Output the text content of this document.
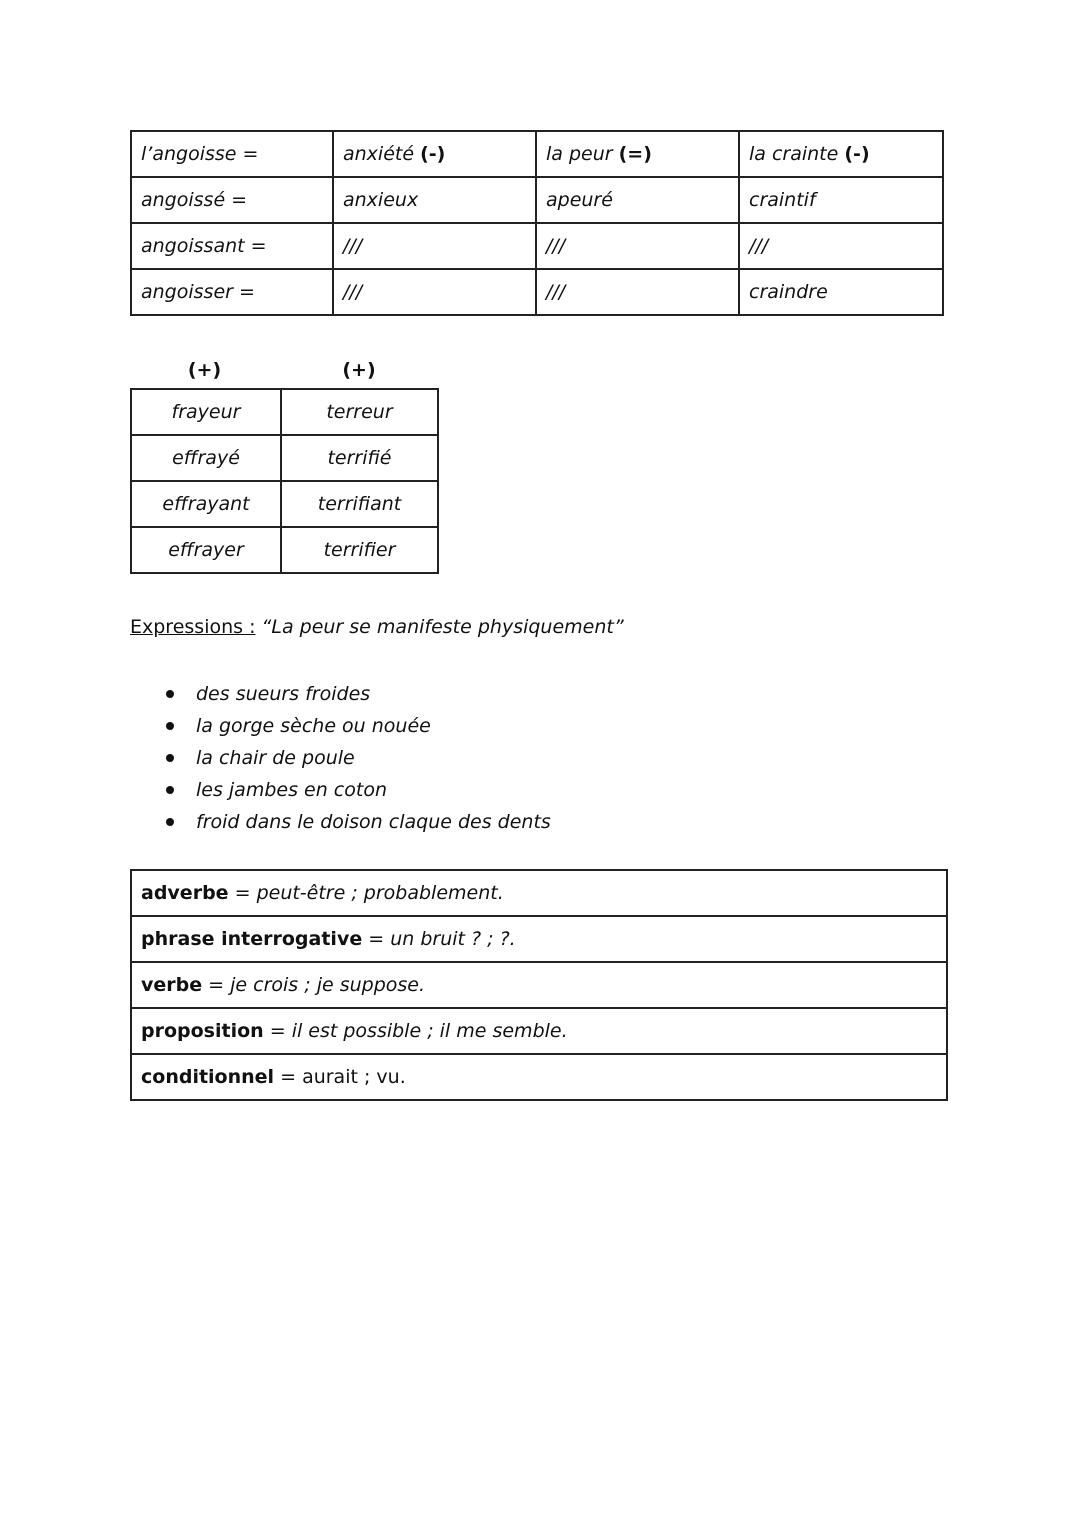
l’angoisse =	anxiété (-)	la peur (=)	la crainte (-)
angoissé =	anxieux	apeuré	craintif
angoissant =	///	///	///
angoisser =	///	///	craindre
(+)	(+)
frayeur	terreur
effrayé	terrifié
effrayant	terrifiant
effrayer	terrifier
Expressions : “La peur se manifeste physiquement”
des sueurs froides
la gorge sèche ou nouée
la chair de poule
les jambes en coton
froid dans le doison claque des dents
adverbe = peut-être ; probablement.
phrase interrogative = un bruit ? ; ?.
verbe = je crois ; je suppose.
proposition = il est possible ; il me semble.
conditionnel = aurait ; vu.
